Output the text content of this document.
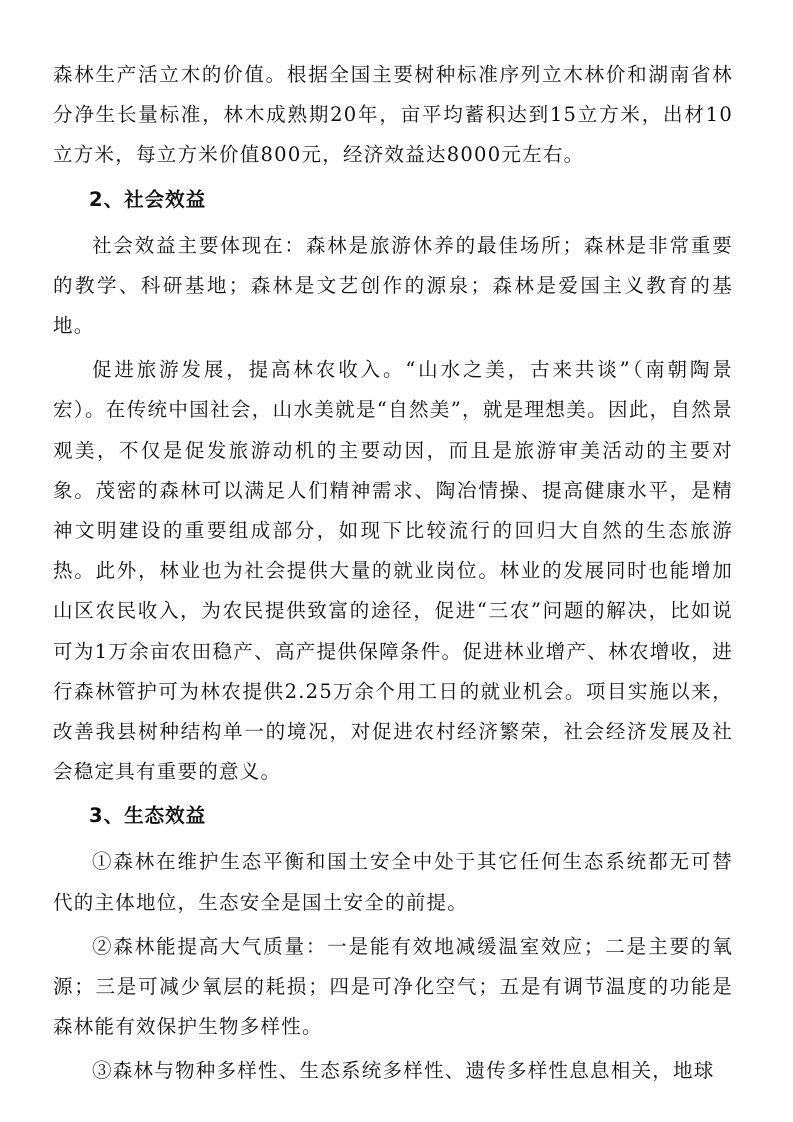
森林生产活立木的价值。根据全国主要树种标准序列立木林价和湖南省林分净生长量标准，林木成熟期20年，亩平均蓄积达到15立方米，出材10立方米，每立方米价值800元，经济效益达8000元左右。

2、社会效益

社会效益主要体现在：森林是旅游休养的最佳场所；森林是非常重要的教学、科研基地；森林是文艺创作的源泉；森林是爱国主义教育的基地。

促进旅游发展，提高林农收入。“山水之美，古来共谈”（南朝陶景宏）。在传统中国社会，山水美就是“自然美”，就是理想美。因此，自然景观美，不仅是促发旅游动机的主要动因，而且是旅游审美活动的主要对象。茂密的森林可以满足人们精神需求、陶冶情操、提高健康水平，是精神文明建设的重要组成部分，如现下比较流行的回归大自然的生态旅游热。此外，林业也为社会提供大量的就业岗位。林业的发展同时也能增加山区农民收入，为农民提供致富的途径，促进“三农”问题的解决，比如说可为1万余亩农田稳产、高产提供保障条件。促进林业增产、林农增收，进行森林管护可为林农提供2.25万余个用工日的就业机会。项目实施以来，改善我县树种结构单一的境况，对促进农村经济繁荣，社会经济发展及社会稳定具有重要的意义。

3、生态效益

①森林在维护生态平衡和国土安全中处于其它任何生态系统都无可替代的主体地位，生态安全是国土安全的前提。

②森林能提高大气质量：一是能有效地减缓温室效应；二是主要的氧源；三是可减少氧层的耗损；四是可净化空气；五是有调节温度的功能是森林能有效保护生物多样性。

③森林与物种多样性、生态系统多样性、遗传多样性息息相关，地球
